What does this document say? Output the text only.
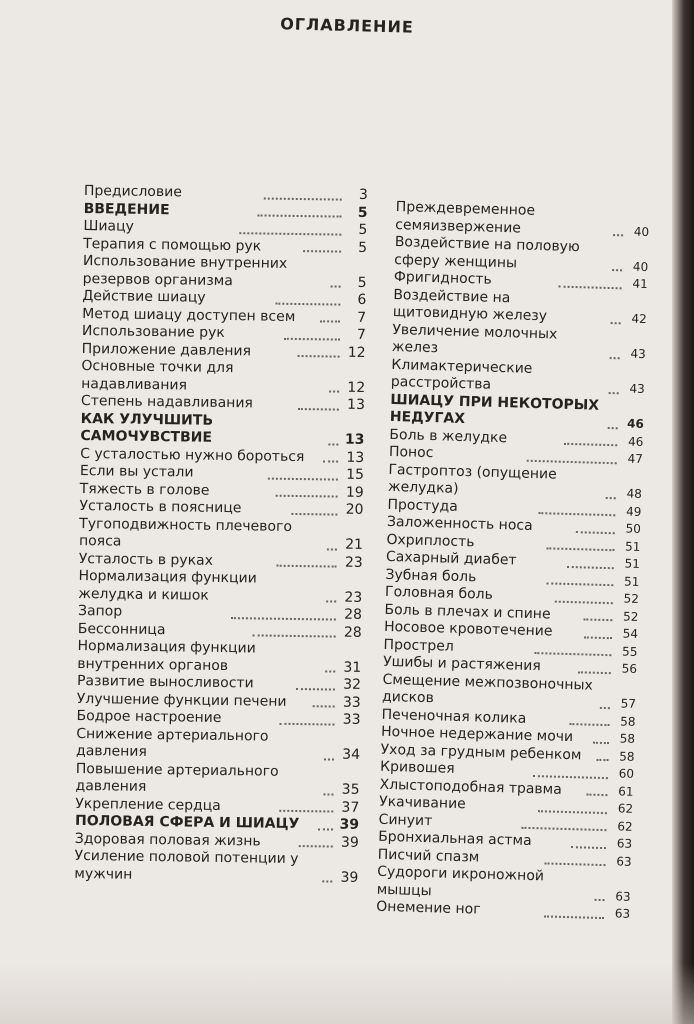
ОГЛАВЛЕНИЕ
Предисловие	3
ВВЕДЕНИЕ	5
Шиацу	5
Терапия с помощью рук	5
Использование внутренних резервов организма	5
Действие шиацу	6
Метод шиацу доступен всем	7
Использование рук	7
Приложение давления	12
Основные точки для надавливания	12
Степень надавливания	13
КАК УЛУЧШИТЬ САМОЧУВСТВИЕ	13
С усталостью нужно бороться	13
Если вы устали	15
Тяжесть в голове	19
Усталость в пояснице	20
Тугоподвижность плечевого пояса	21
Усталость в руках	23
Нормализация функции желудка и кишок	23
Запор	28
Бессонница	28
Нормализация функции внутренних органов	31
Развитие выносливости	32
Улучшение функции печени	33
Бодрое настроение	33
Снижение артериального давления	34
Повышение артериального давления	35
Укрепление сердца	37
ПОЛОВАЯ СФЕРА И ШИАЦУ	39
Здоровая половая жизнь	39
Усиление половой потенции у мужчин	39
Преждевременное семяизвержение	40
Воздействие на половую сферу женщины	40
Фригидность	41
Воздействие на щитовидную железу	42
Увеличение молочных желез	43
Климактерические расстройства	43
ШИАЦУ ПРИ НЕКОТОРЫХ НЕДУГАХ	46
Боль в желудке	46
Понос	47
Гастроптоз (опущение желудка)	48
Простуда	49
Заложенность носа	50
Охриплость	51
Сахарный диабет	51
Зубная боль	51
Головная боль	52
Боль в плечах и спине	52
Носовое кровотечение	54
Прострел	55
Ушибы и растяжения	56
Смещение межпозвоночных дисков	57
Печеночная колика	58
Ночное недержание мочи	58
Уход за грудным ребенком	58
Кривошея	60
Хлыстоподобная травма	61
Укачивание	62
Синуит	62
Бронхиальная астма	63
Писчий спазм	63
Судороги икроножной мышцы	63
Онемение ног	63
